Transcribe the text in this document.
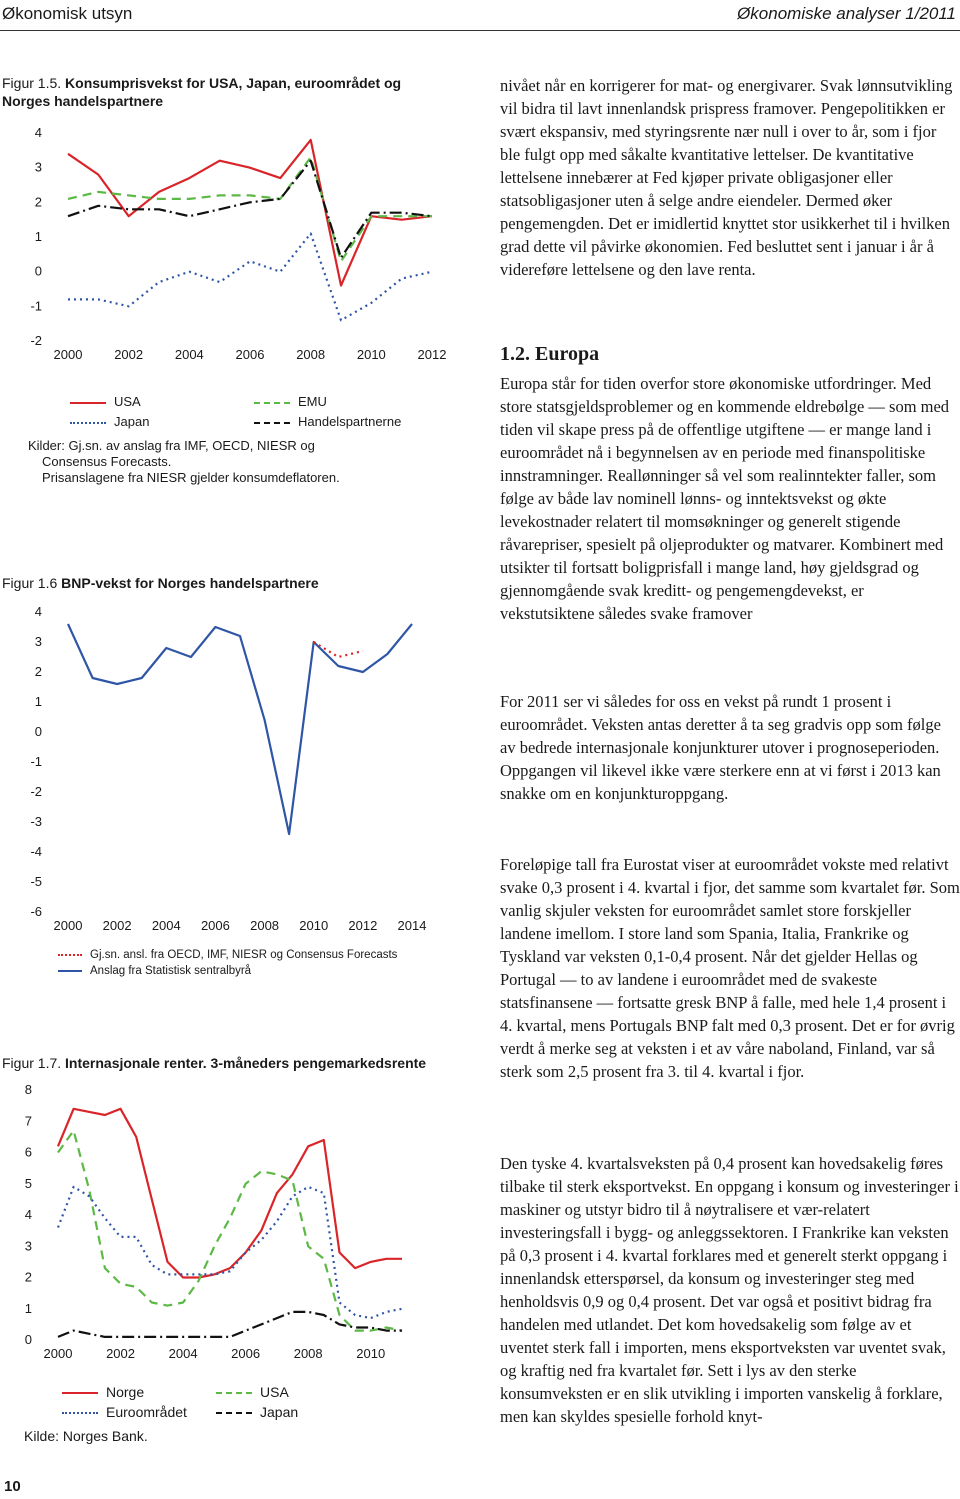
Økonomisk utsyn	Økonomiske analyser 1/2011
Figur 1.5. Konsumprisvekst for USA, Japan, euroområdet og Norges handelspartnere
-2
-1
0
1
2
3
4
2000 2002 2004 2006 2008 2010 2012
USA	EMU
Japan	Handelspartnerne
Kilder: Gj.sn. av anslag fra IMF, OECD, NIESR og
Consensus Forecasts.
Prisanslagene fra NIESR gjelder konsumdeflatoren.
Figur 1.6 BNP-vekst for Norges handelspartnere
-6
-5
-4
-3
-2
-1
0
1
2
3
4
2000 2002 2004 2006 2008 2010 2012 2014
Gj.sn. ansl. fra OECD, IMF, NIESR og Consensus Forecasts
Anslag fra Statistisk sentralbyrå
Figur 1.7. Internasjonale renter. 3-måneders pengemarkedsrente
0
1
2
3
4
5
6
7
8
2000	2002	2004	2006	2008	2010
Norge	USA
Euroområdet	Japan
Kilde: Norges Bank.

nivået når en korrigerer for mat- og energivarer. Svak lønnsutvikling vil bidra til lavt innenlandsk prispress framover. Pengepolitikken er svært ekspansiv, med styringsrente nær null i over to år, som i fjor ble fulgt opp med såkalte kvantitative lettelser. De kvantitative lettelsene innebærer at Fed kjøper private obligasjoner eller statsobligasjoner uten å selge andre eiendeler. Dermed øker pengemengden. Det er imidlertid knyttet stor usikkerhet til i hvilken grad dette vil påvirke økonomien. Fed besluttet sent i januar i år å videreføre lettelsene og den lave renta.

1.2. Europa

Europa står for tiden overfor store økonomiske utfordringer. Med store statsgjeldsproblemer og en kommende eldrebølge — som med tiden vil skape press på de offentlige utgiftene — er mange land i euroområdet nå i begynnelsen av en periode med finanspolitiske innstramninger. Reallønninger så vel som realinntekter faller, som følge av både lav nominell lønns- og inntektsvekst og økte levekostnader relatert til momsøkninger og generelt stigende råvarepriser, spesielt på oljeprodukter og matvarer. Kombinert med utsikter til fortsatt boligprisfall i mange land, høy gjeldsgrad og gjennomgående svak kreditt- og pengemengdevekst, er vekstutsiktene således svake framover

For 2011 ser vi således for oss en vekst på rundt 1 prosent i euroområdet. Veksten antas deretter å ta seg gradvis opp som følge av bedrede internasjonale konjunkturer utover i prognoseperioden. Oppgangen vil likevel ikke være sterkere enn at vi først i 2013 kan snakke om en konjunkturoppgang.

Foreløpige tall fra Eurostat viser at euroområdet vokste med relativt svake 0,3 prosent i 4. kvartal i fjor, det samme som kvartalet før. Som vanlig skjuler veksten for euroområdet samlet store forskjeller landene imellom. I store land som Spania, Italia, Frankrike og Tyskland var veksten 0,1-0,4 prosent. Når det gjelder Hellas og Portugal — to av landene i euroområdet med de svakeste statsfinansene — fortsatte gresk BNP å falle, med hele 1,4 prosent i 4. kvartal, mens Portugals BNP falt med 0,3 prosent. Det er for øvrig verdt å merke seg at veksten i et av våre naboland, Finland, var så sterk som 2,5 prosent fra 3. til 4. kvartal i fjor.

Den tyske 4. kvartalsveksten på 0,4 prosent kan hovedsakelig føres tilbake til sterk eksportvekst. En oppgang i konsum og investeringer i maskiner og utstyr bidro til å nøytralisere et vær-relatert investeringsfall i bygg- og anleggssektoren. I Frankrike kan veksten på 0,3 prosent i 4. kvartal forklares med et generelt sterkt oppgang i innenlandsk etterspørsel, da konsum og investeringer steg med henholdsvis 0,9 og 0,4 prosent. Det var også et positivt bidrag fra handelen med utlandet. Det kom hovedsakelig som følge av et uventet sterk fall i importen, mens eksportveksten var uventet svak, og kraftig ned fra kvartalet før. Sett i lys av den sterke konsumveksten er en slik utvikling i importen vanskelig å forklare, men kan skyldes spesielle forhold knyt-

10
